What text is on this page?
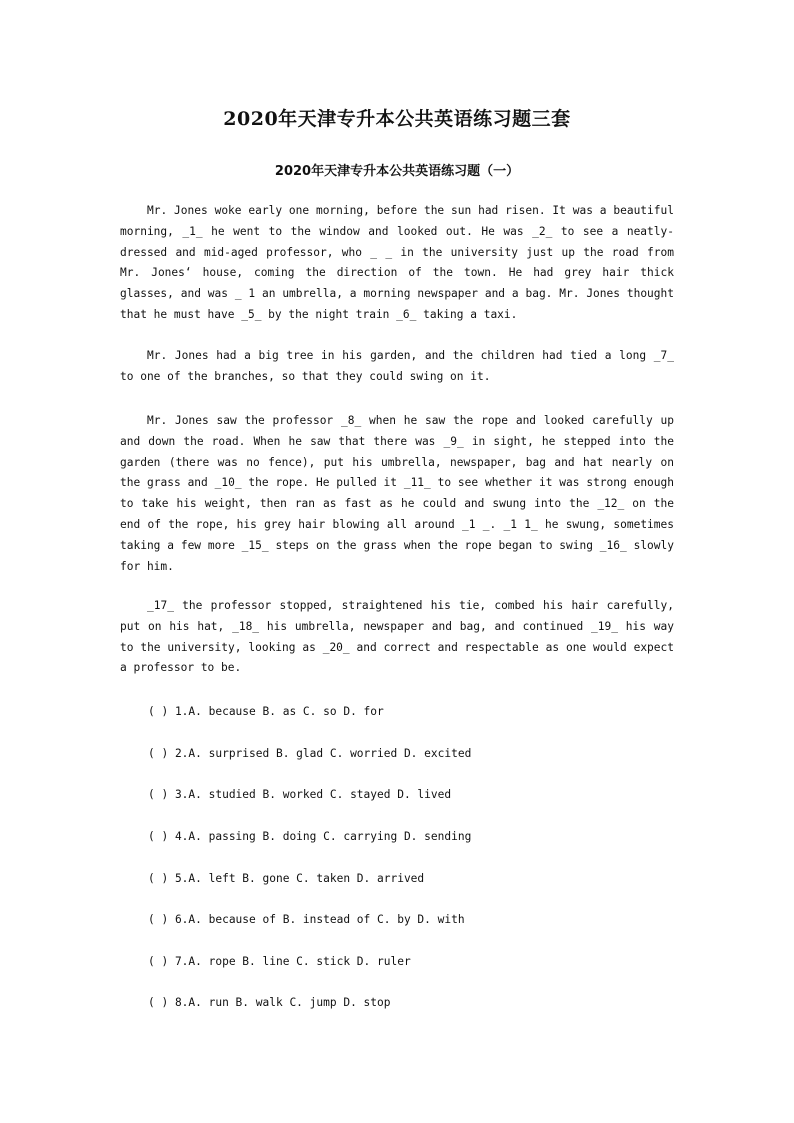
2020年天津专升本公共英语练习题三套
2020年天津专升本公共英语练习题（一）

Mr. Jones woke early one morning, before the sun had risen. It was a beautiful morning, _1_ he went to the window and looked out. He was _2_ to see a neatly-dressed and mid-aged professor, who _ _ in the university just up the road from Mr. Jones‘ house, coming the direction of the town. He had grey hair thick glasses, and was _ 1 an umbrella, a morning newspaper and a bag. Mr. Jones thought that he must have _5_ by the night train _6_ taking a taxi.

Mr. Jones had a big tree in his garden, and the children had tied a long _7_ to one of the branches, so that they could swing on it.

Mr. Jones saw the professor _8_ when he saw the rope and looked carefully up and down the road. When he saw that there was _9_ in sight, he stepped into the garden (there was no fence), put his umbrella, newspaper, bag and hat nearly on the grass and _10_ the rope. He pulled it _11_ to see whether it was strong enough to take his weight, then ran as fast as he could and swung into the _12_ on the end of the rope, his grey hair blowing all around _1 _. _1 1_ he swung, sometimes taking a few more _15_ steps on the grass when the rope began to swing _16_ slowly for him.

_17_ the professor stopped, straightened his tie, combed his hair carefully, put on his hat, _18_ his umbrella, newspaper and bag, and continued _19_ his way to the university, looking as _20_ and correct and respectable as one would expect a professor to be.

( ) 1.A. because B. as C. so D. for

( ) 2.A. surprised B. glad C. worried D. excited

( ) 3.A. studied B. worked C. stayed D. lived

( ) 4.A. passing B. doing C. carrying D. sending

( ) 5.A. left B. gone C. taken D. arrived

( ) 6.A. because of B. instead of C. by D. with

( ) 7.A. rope B. line C. stick D. ruler

( ) 8.A. run B. walk C. jump D. stop
